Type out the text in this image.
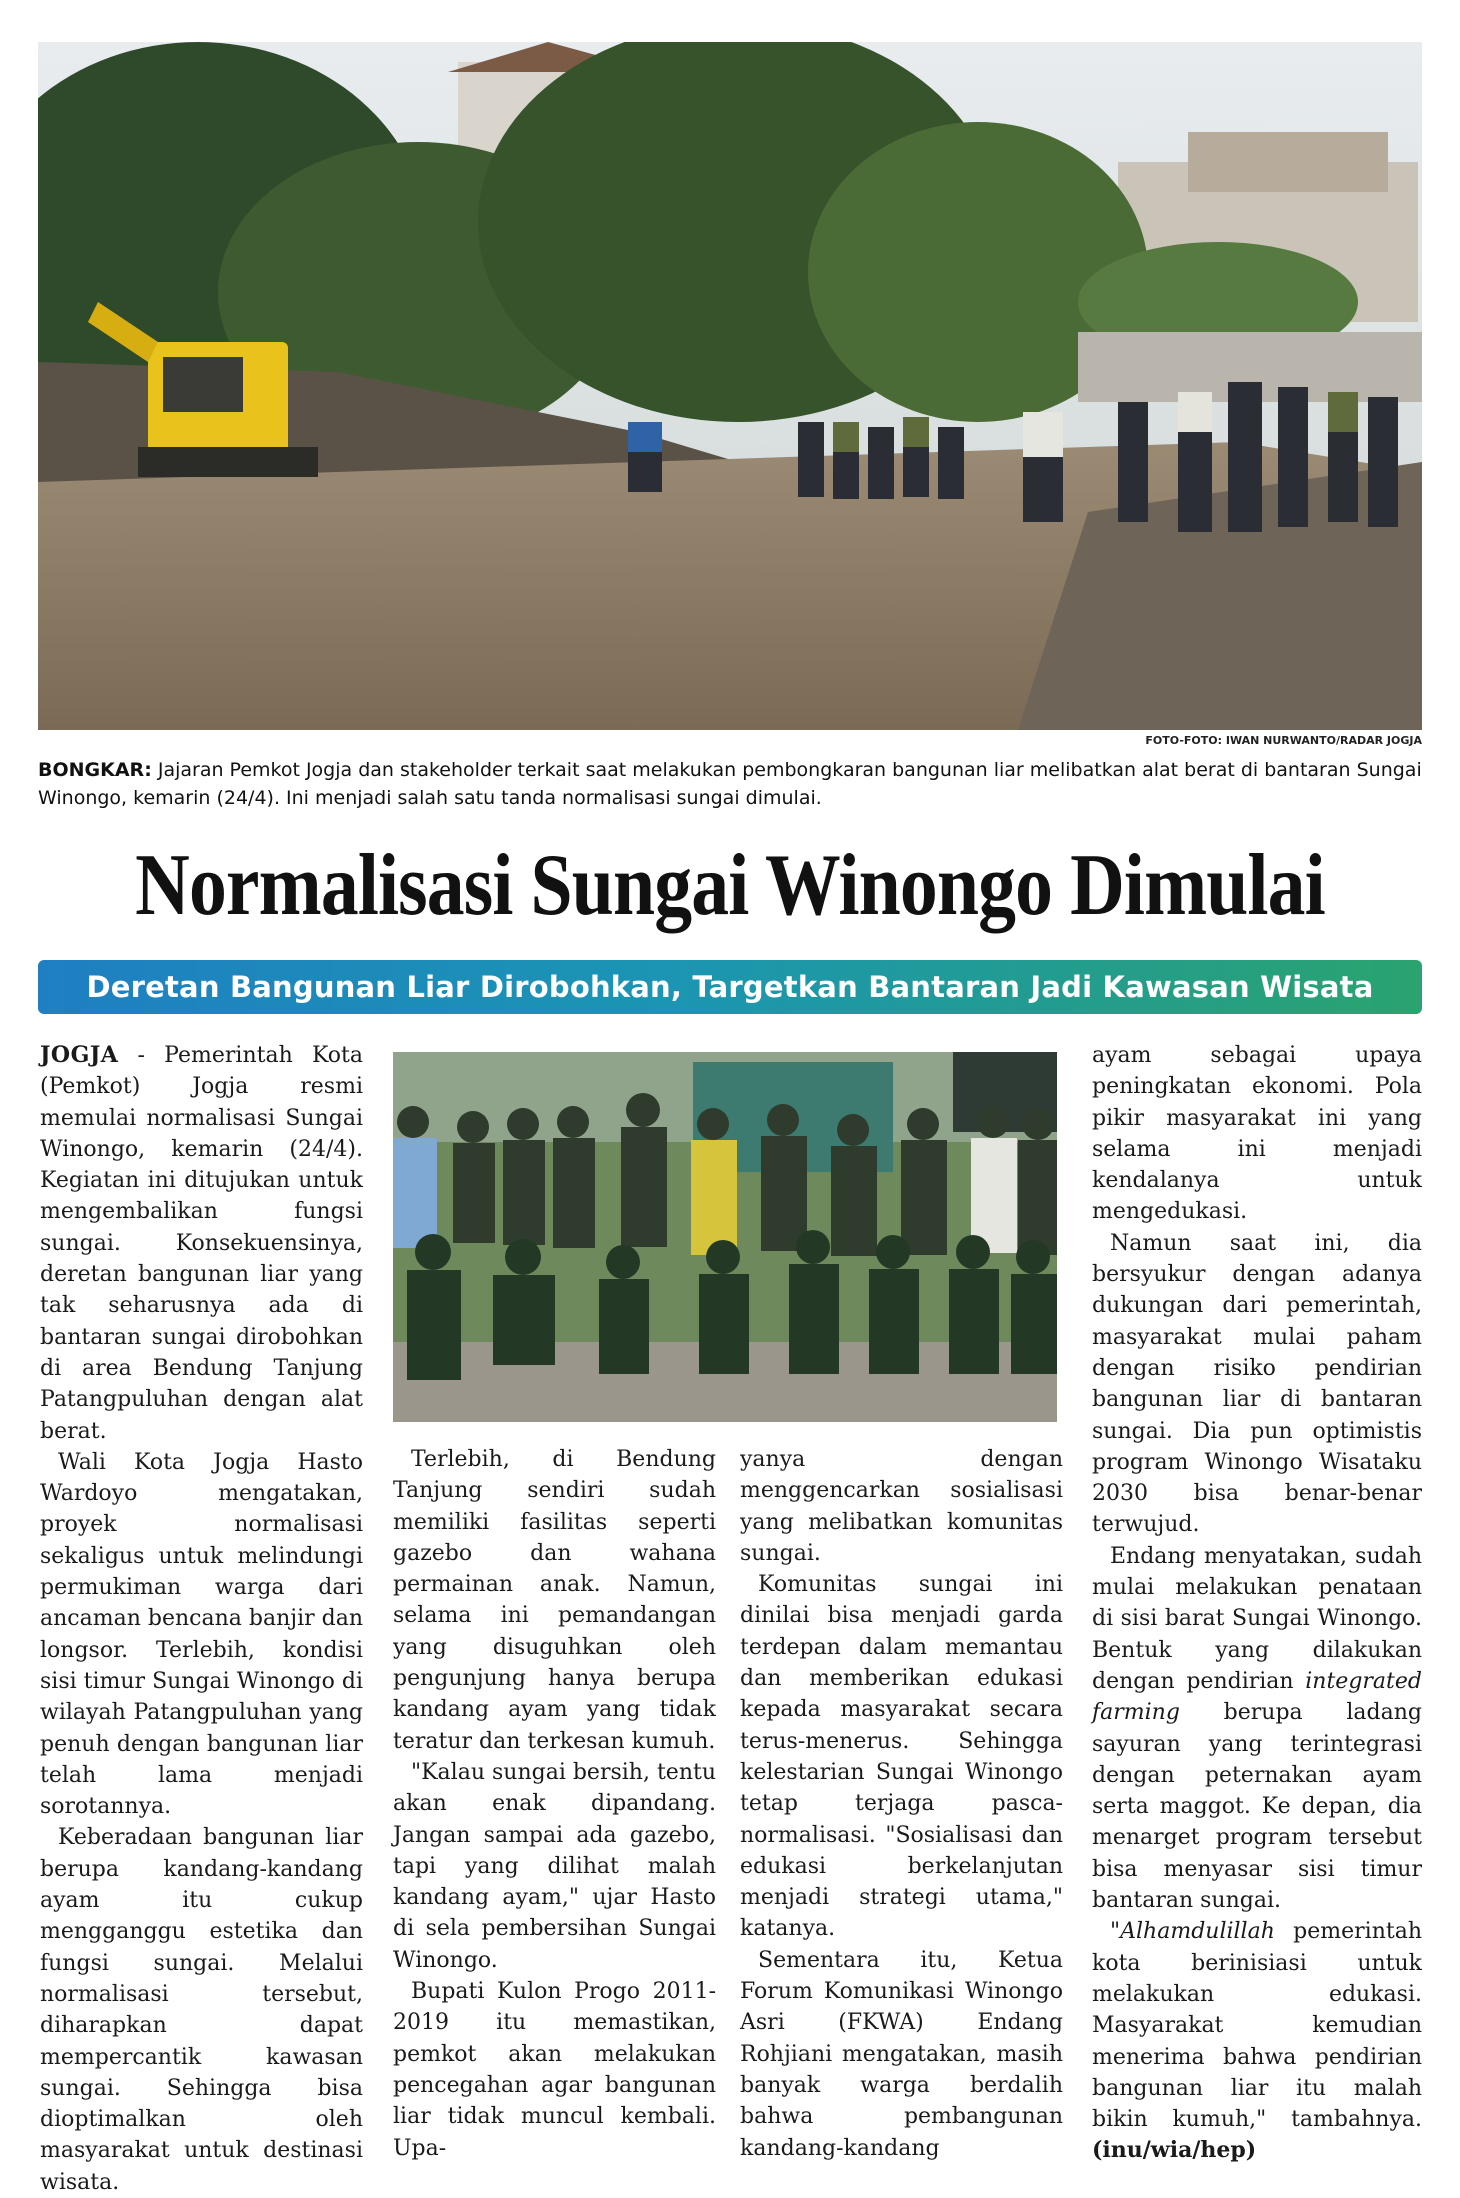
FOTO-FOTO: IWAN NURWANTO/RADAR JOGJA
BONGKAR: Jajaran Pemkot Jogja dan stakeholder terkait saat melakukan pembongkaran bangunan liar melibatkan alat berat di bantaran Sungai Winongo, kemarin (24/4). Ini menjadi salah satu tanda normalisasi sungai dimulai.
Normalisasi Sungai Winongo Dimulai
Deretan Bangunan Liar Dirobohkan, Targetkan Bantaran Jadi Kawasan Wisata

JOGJA - Pemerintah Kota (Pemkot) Jogja resmi memulai normalisasi Sungai Winongo, kemarin (24/4). Kegiatan ini ditujukan untuk mengembalikan fungsi sungai. Konsekuensinya, deretan bangunan liar yang tak seharusnya ada di bantaran sungai dirobohkan di area Bendung Tanjung Patangpuluhan dengan alat berat.

Wali Kota Jogja Hasto Wardoyo mengatakan, proyek normalisasi sekaligus untuk melindungi permukiman warga dari ancaman bencana banjir dan longsor. Terlebih, kondisi sisi timur Sungai Winongo di wilayah Patangpuluhan yang penuh dengan bangunan liar telah lama menjadi sorotannya.

Keberadaan bangunan liar berupa kandang-kandang ayam itu cukup mengganggu estetika dan fungsi sungai. Melalui normalisasi tersebut, diharapkan dapat mempercantik kawasan sungai. Sehingga bisa dioptimalkan oleh masyarakat untuk destinasi wisata.

Terlebih, di Bendung Tanjung sendiri sudah memiliki fasilitas seperti gazebo dan wahana permainan anak. Namun, selama ini pemandangan yang disuguhkan oleh pengunjung hanya berupa kandang ayam yang tidak teratur dan terkesan kumuh.

"Kalau sungai bersih, tentu akan enak dipandang. Jangan sampai ada gazebo, tapi yang dilihat malah kandang ayam," ujar Hasto di sela pembersihan Sungai Winongo.

Bupati Kulon Progo 2011-2019 itu memastikan, pemkot akan melakukan pencegahan agar bangunan liar tidak muncul kembali. Upa-

yanya dengan menggencarkan sosialisasi yang melibatkan komunitas sungai.

Komunitas sungai ini dinilai bisa menjadi garda terdepan dalam memantau dan memberikan edukasi kepada masyarakat secara terus-menerus. Sehingga kelestarian Sungai Winongo tetap terjaga pasca-normalisasi. "Sosialisasi dan edukasi berkelanjutan menjadi strategi utama," katanya.

Sementara itu, Ketua Forum Komunikasi Winongo Asri (FKWA) Endang Rohjiani mengatakan, masih banyak warga berdalih bahwa pembangunan kandang-kandang

ayam sebagai upaya peningkatan ekonomi. Pola pikir masyarakat ini yang selama ini menjadi kendalanya untuk mengedukasi.

Namun saat ini, dia bersyukur dengan adanya dukungan dari pemerintah, masyarakat mulai paham dengan risiko pendirian bangunan liar di bantaran sungai. Dia pun optimistis program Winongo Wisataku 2030 bisa benar-benar terwujud.

Endang menyatakan, sudah mulai melakukan penataan di sisi barat Sungai Winongo. Bentuk yang dilakukan dengan pendirian integrated farming berupa ladang sayuran yang terintegrasi dengan peternakan ayam serta maggot. Ke depan, dia menarget program tersebut bisa menyasar sisi timur bantaran sungai.

"Alhamdulillah pemerintah kota berinisiasi untuk melakukan edukasi. Masyarakat kemudian menerima bahwa pendirian bangunan liar itu malah bikin kumuh," tambahnya. (inu/wia/hep)
